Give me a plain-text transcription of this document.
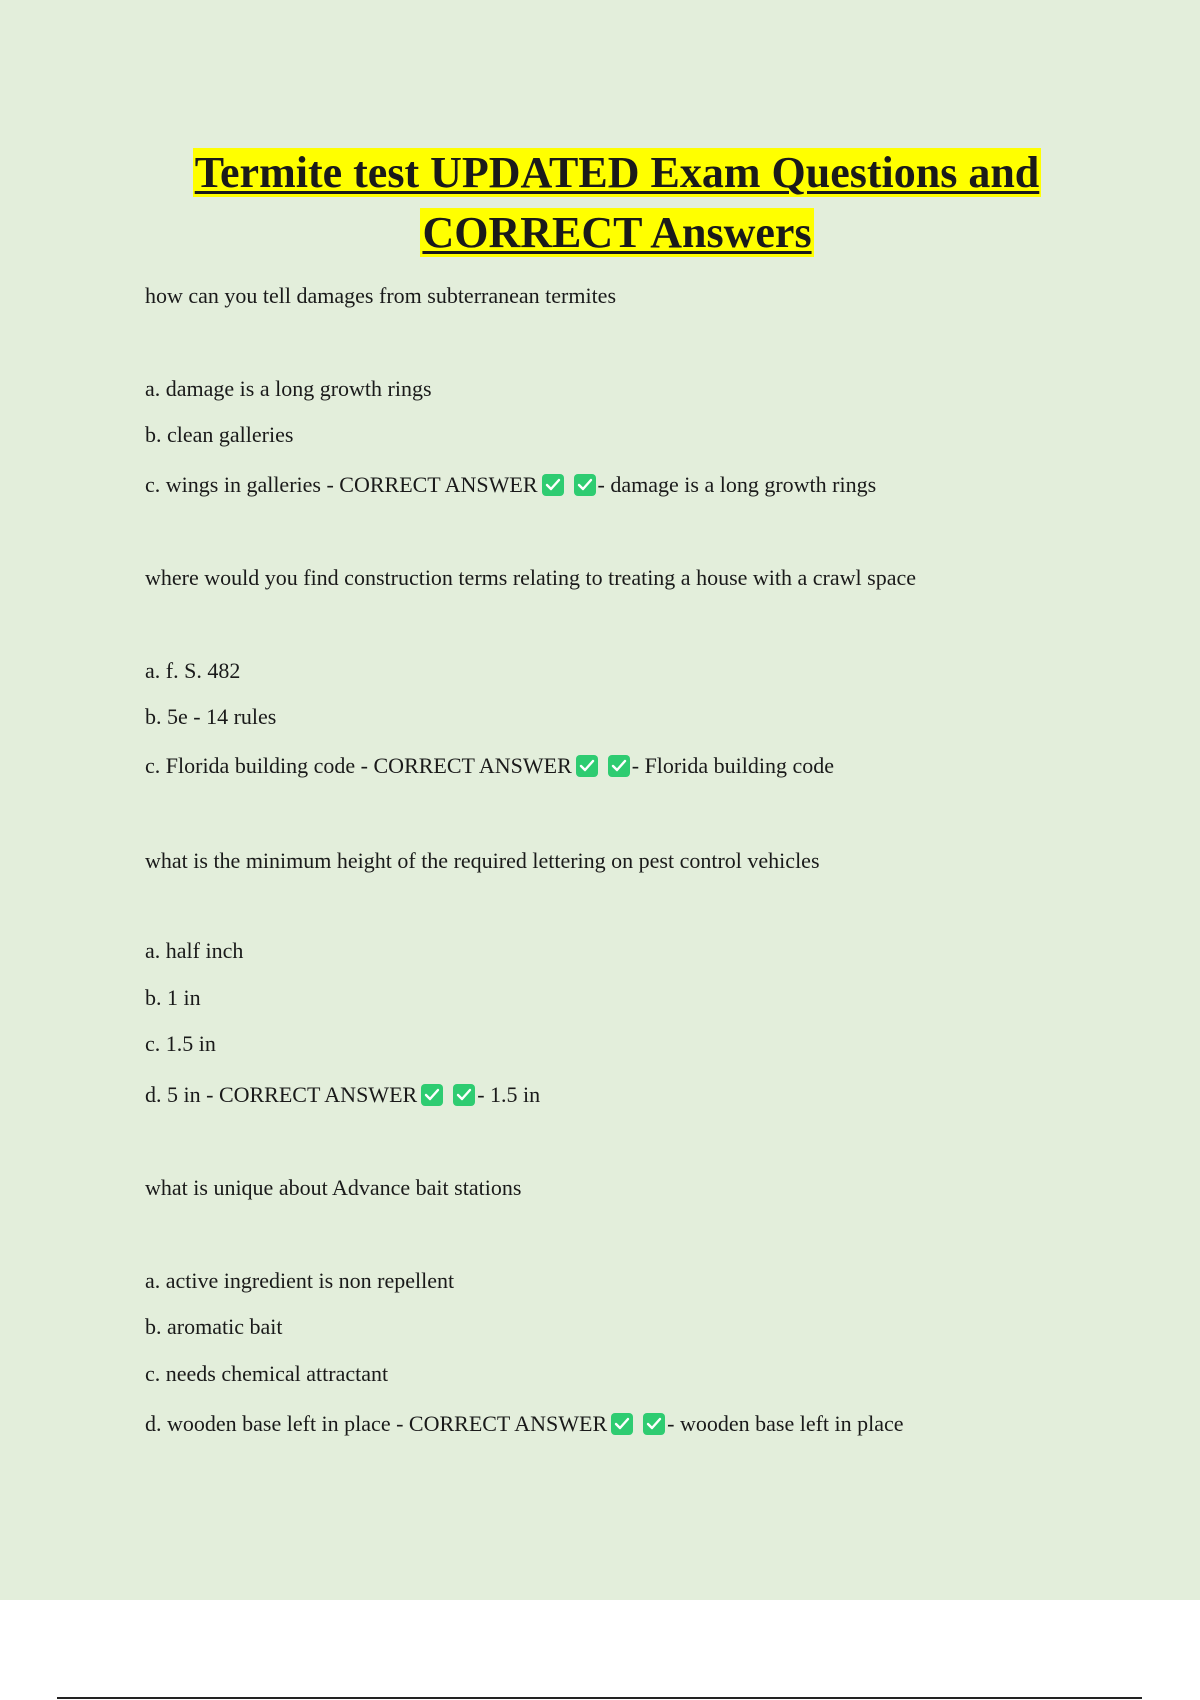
Termite test UPDATED Exam Questions and
CORRECT Answers
how can you tell damages from subterranean termites
a. damage is a long growth rings
b. clean galleries
c. wings in galleries - CORRECT ANSWER	- damage is a long growth rings
where would you find construction terms relating to treating a house with a crawl space
a. f. S. 482
b. 5e - 14 rules
c. Florida building code - CORRECT ANSWER	- Florida building code
what is the minimum height of the required lettering on pest control vehicles
a. half inch
b. 1 in
c. 1.5 in
d. 5 in - CORRECT ANSWER	- 1.5 in
what is unique about Advance bait stations
a. active ingredient is non repellent
b. aromatic bait
c. needs chemical attractant
d. wooden base left in place - CORRECT ANSWER	- wooden base left in place
